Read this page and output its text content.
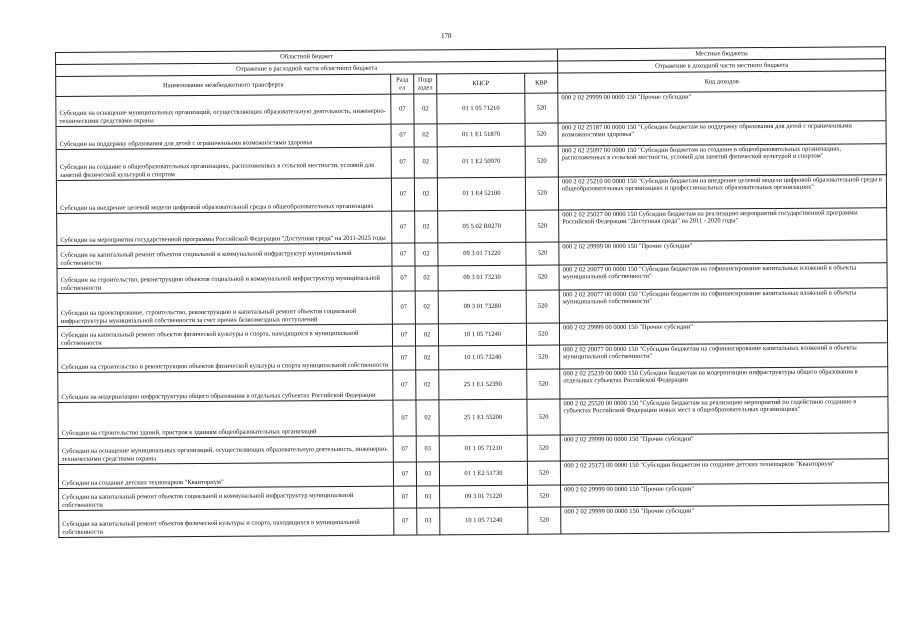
178
Областной бюджет					Местные бюджеты
Отражение в расходной части областного бюджета					Отражение в доходной части местного бюджета
Наименование межбюджетного трансферта	Разд ел	Подр аздел	КЦСР	КВР	Код доходов
Субсидии на оснащение муниципальных организаций, осуществляющих образовательную деятельность, инженерно-техническими средствами охраны	07	02	01 1 05 71210	520	000 2 02 29999 00 0000 150 "Прочие субсидии"
Субсидии на поддержку образования для детей с ограниченными возможностями здоровья	07	02	01 1 E1 51870	520	000 2 02 25187 00 0000 150 "Субсидии бюджетам на поддержку образования для детей с ограниченными возможностями здоровья"
Субсидии на создание в общеобразовательных организациях, расположенных в сельской местности, условий для занятий физической культурой и спортом	07	02	01 1 E2 50970	520	000 2 02 25097 00 0000 150 "Субсидии бюджетам на создание в общеобразовательных организациях, расположенных в сельской местности, условий для занятий физической культурой и спортом"
Субсидии на внедрение целевой модели цифровой образовательной среды в общеобразовательных организациях	07	02	01 1 E4 52100	520	000 2 02 25210 00 0000 150 "Субсидии бюджетам на внедрение целевой модели цифровой образовательной среды в общеобразовательных организациях и профессиональных образовательных организациях"
Субсидии на мероприятия государственной программы Российской Федерации "Доступная среда" на 2011-2025 годы	07	02	05 5 02 R0270	520	000 2 02 25027 00 0000 150 Субсидии бюджетам на реализацию мероприятий государственной программы Российской Федерации "Доступная среда" на 2011 - 2020 годы"
Субсидии на капитальный ремонт объектов социальной и коммунальной инфраструктур муниципальной собственности	07	02	09 3 01 71220	520	000 2 02 29999 00 0000 150 "Прочие субсидии"
Субсидии на строительство, реконструкцию объектов социальной и коммунальной инфраструктур муниципальной собственности	07	02	09 3 01 73230	520	000 2 02 20077 00 0000 150 "Субсидии бюджетам на софинансирование капитальных вложений в объекты муниципальной собственности"
Субсидии на проектирование, строительство, реконструкцию и капитальный ремонт объектов социальной инфраструктуры муниципальной собственности за счет прочих безвозмездных поступлений	07	02	09 3 01 73280	520	000 2 02 20077 00 0000 150 "Субсидии бюджетам на софинансирование капитальных вложений в объекты муниципальной собственности"
Субсидии на капитальный ремонт объектов физической культуры и спорта, находящихся в муниципальной собственности	07	02	10 1 05 71240	520	000 2 02 29999 00 0000 150 "Прочие субсидии"
Субсидии на строительство и реконструкцию объектов физической культуры и спорта муниципальной собственности	07	02	10 1 05 73240	520	000 2 02 20077 00 0000 150 "Субсидии бюджетам на софинансирование капитальных вложений в объекты муниципальной собственности"
Субсидии на модернизацию инфраструктуры общего образования в отдельных субъектах Российской Федерации	07	02	25 1 E1 52390	520	000 2 02 25239 00 0000 150 Субсидии бюджетам на модернизацию инфраструктуры общего образования в отдельных субъектах Российской Федерации
Субсидии на строительство зданий, пристроя к зданиям общеобразовательных организаций	07	02	25 1 E1 55200	520	000 2 02 25520 00 0000 150 "Субсидии бюджетам на реализацию мероприятий по содействию созданию в субъектах Российской Федерации новых мест в общеобразовательных организациях"
Субсидии на оснащение муниципальных организаций, осуществляющих образовательную деятельность, инженерно-техническими средствами охраны	07	03	01 1 05 71210	520	000 2 02 29999 00 0000 150 "Прочие субсидии"
Субсидии на создание детских технопарков "Кванториум"	07	03	01 1 E2 51730	520	000 2 02 25173 00 0000 150 "Субсидии бюджетам на создание детских технопарков "Кванториум"
Субсидии на капитальный ремонт объектов социальной и коммунальной инфраструктур муниципальной собственности	07	03	09 3 01 71220	520	000 2 02 29999 00 0000 150 "Прочие субсидии"
Субсидии на капитальный ремонт объектов физической культуры и спорта, находящихся в муниципальной собственности	07	03	10 1 05 71240	520	000 2 02 29999 00 0000 150 "Прочие субсидии"
